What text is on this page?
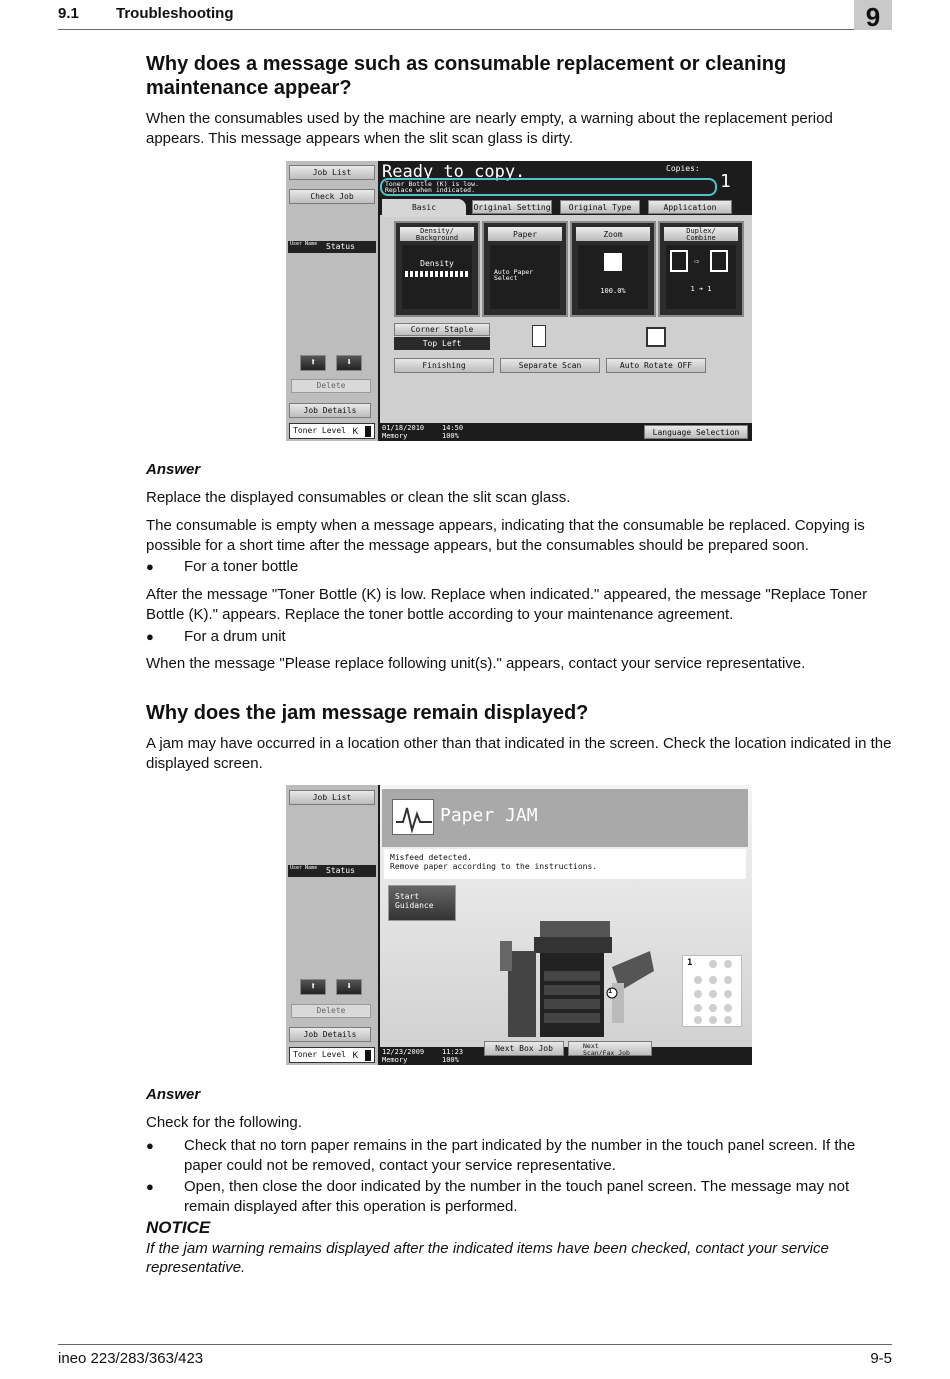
9.1 Troubleshooting	9
Why does a message such as consumable replacement or cleaning maintenance appear?
When the consumables used by the machine are nearly empty, a warning about the replacement period appears. This message appears when the slit scan glass is dirty.
Job List
Check Job
User Name Status
⬆	⬇
Delete
Job Details
Toner Level K
Ready to copy.	Copies:
1
Toner Bottle (K) is low.
Replace when indicated.
Basic	Original Setting	Original Type	Application
Density/
Background
Density
Paper
Auto Paper
Select
Zoom
100.0%
Duplex/
Combine
⇨
1 ➔ 1
Corner Staple
Top Left
Finishing	Separate Scan	Auto Rotate OFF
01/18/2010	14:50
Memory	100%	Language Selection
Answer
Replace the displayed consumables or clean the slit scan glass.
The consumable is empty when a message appears, indicating that the consumable be replaced. Copying is possible for a short time after the message appears, but the consumables should be prepared soon.
● For a toner bottle
After the message "Toner Bottle (K) is low. Replace when indicated." appeared, the message "Replace Toner Bottle (K)." appears. Replace the toner bottle according to your maintenance agreement.
● For a drum unit
When the message "Please replace following unit(s)." appears, contact your service representative.
Why does the jam message remain displayed?
A jam may have occurred in a location other than that indicated in the screen. Check the location indicated in the displayed screen.
Job List
User Name Status
⬆	⬇
Delete
Job Details
Toner Level K
Paper JAM
Misfeed detected.
Remove paper according to the instructions.
Start
Guidance
1
1
12/23/2009	11:23
Memory	100%
Next Box Job	Next
Scan/Fax Job
Answer
Check for the following.
● Check that no torn paper remains in the part indicated by the number in the touch panel screen. If the paper could not be removed, contact your service representative.
● Open, then close the door indicated by the number in the touch panel screen. The message may not remain displayed after this operation is performed.
NOTICE
If the jam warning remains displayed after the indicated items have been checked, contact your service representative.
ineo 223/283/363/423	9-5
